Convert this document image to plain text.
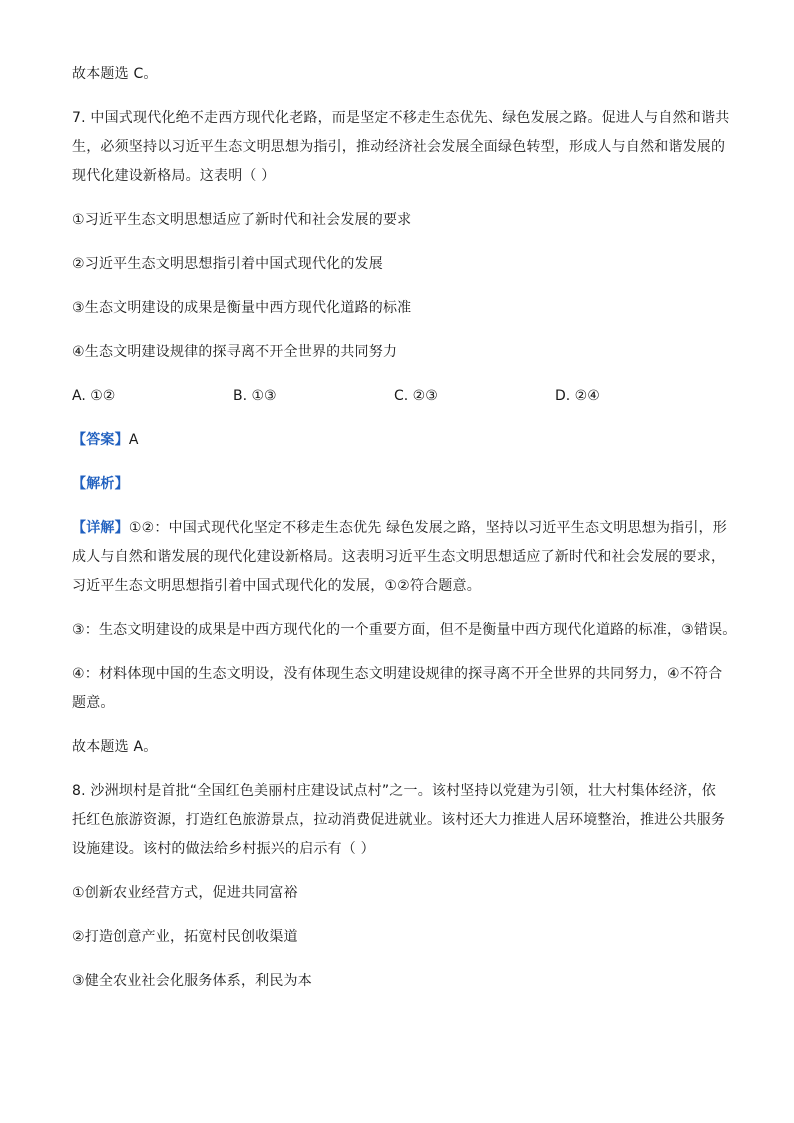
故本题选 C。
7. 中国式现代化绝不走西方现代化老路，而是坚定不移走生态优先、绿色发展之路。促进人与自然和谐共
生，必须坚持以习近平生态文明思想为指引，推动经济社会发展全面绿色转型，形成人与自然和谐发展的
现代化建设新格局。这表明（ ）
①习近平生态文明思想适应了新时代和社会发展的要求
②习近平生态文明思想指引着中国式现代化的发展
③生态文明建设的成果是衡量中西方现代化道路的标准
④生态文明建设规律的探寻离不开全世界的共同努力
A. ①②	B. ①③	C. ②③	D. ②④
【答案】A
【解析】
【详解】①②：中国式现代化坚定不移走生态优先 绿色发展之路，坚持以习近平生态文明思想为指引，形
成人与自然和谐发展的现代化建设新格局。这表明习近平生态文明思想适应了新时代和社会发展的要求，
习近平生态文明思想指引着中国式现代化的发展，①②符合题意。
③：生态文明建设的成果是中西方现代化的一个重要方面，但不是衡量中西方现代化道路的标准，③错误。
④：材料体现中国的生态文明设，没有体现生态文明建设规律的探寻离不开全世界的共同努力，④不符合
题意。
故本题选 A。
8. 沙洲坝村是首批“全国红色美丽村庄建设试点村”之一。该村坚持以党建为引领，壮大村集体经济，依
托红色旅游资源，打造红色旅游景点，拉动消费促进就业。该村还大力推进人居环境整治，推进公共服务
设施建设。该村的做法给乡村振兴的启示有（ ）
①创新农业经营方式，促进共同富裕
②打造创意产业，拓宽村民创收渠道
③健全农业社会化服务体系，利民为本
